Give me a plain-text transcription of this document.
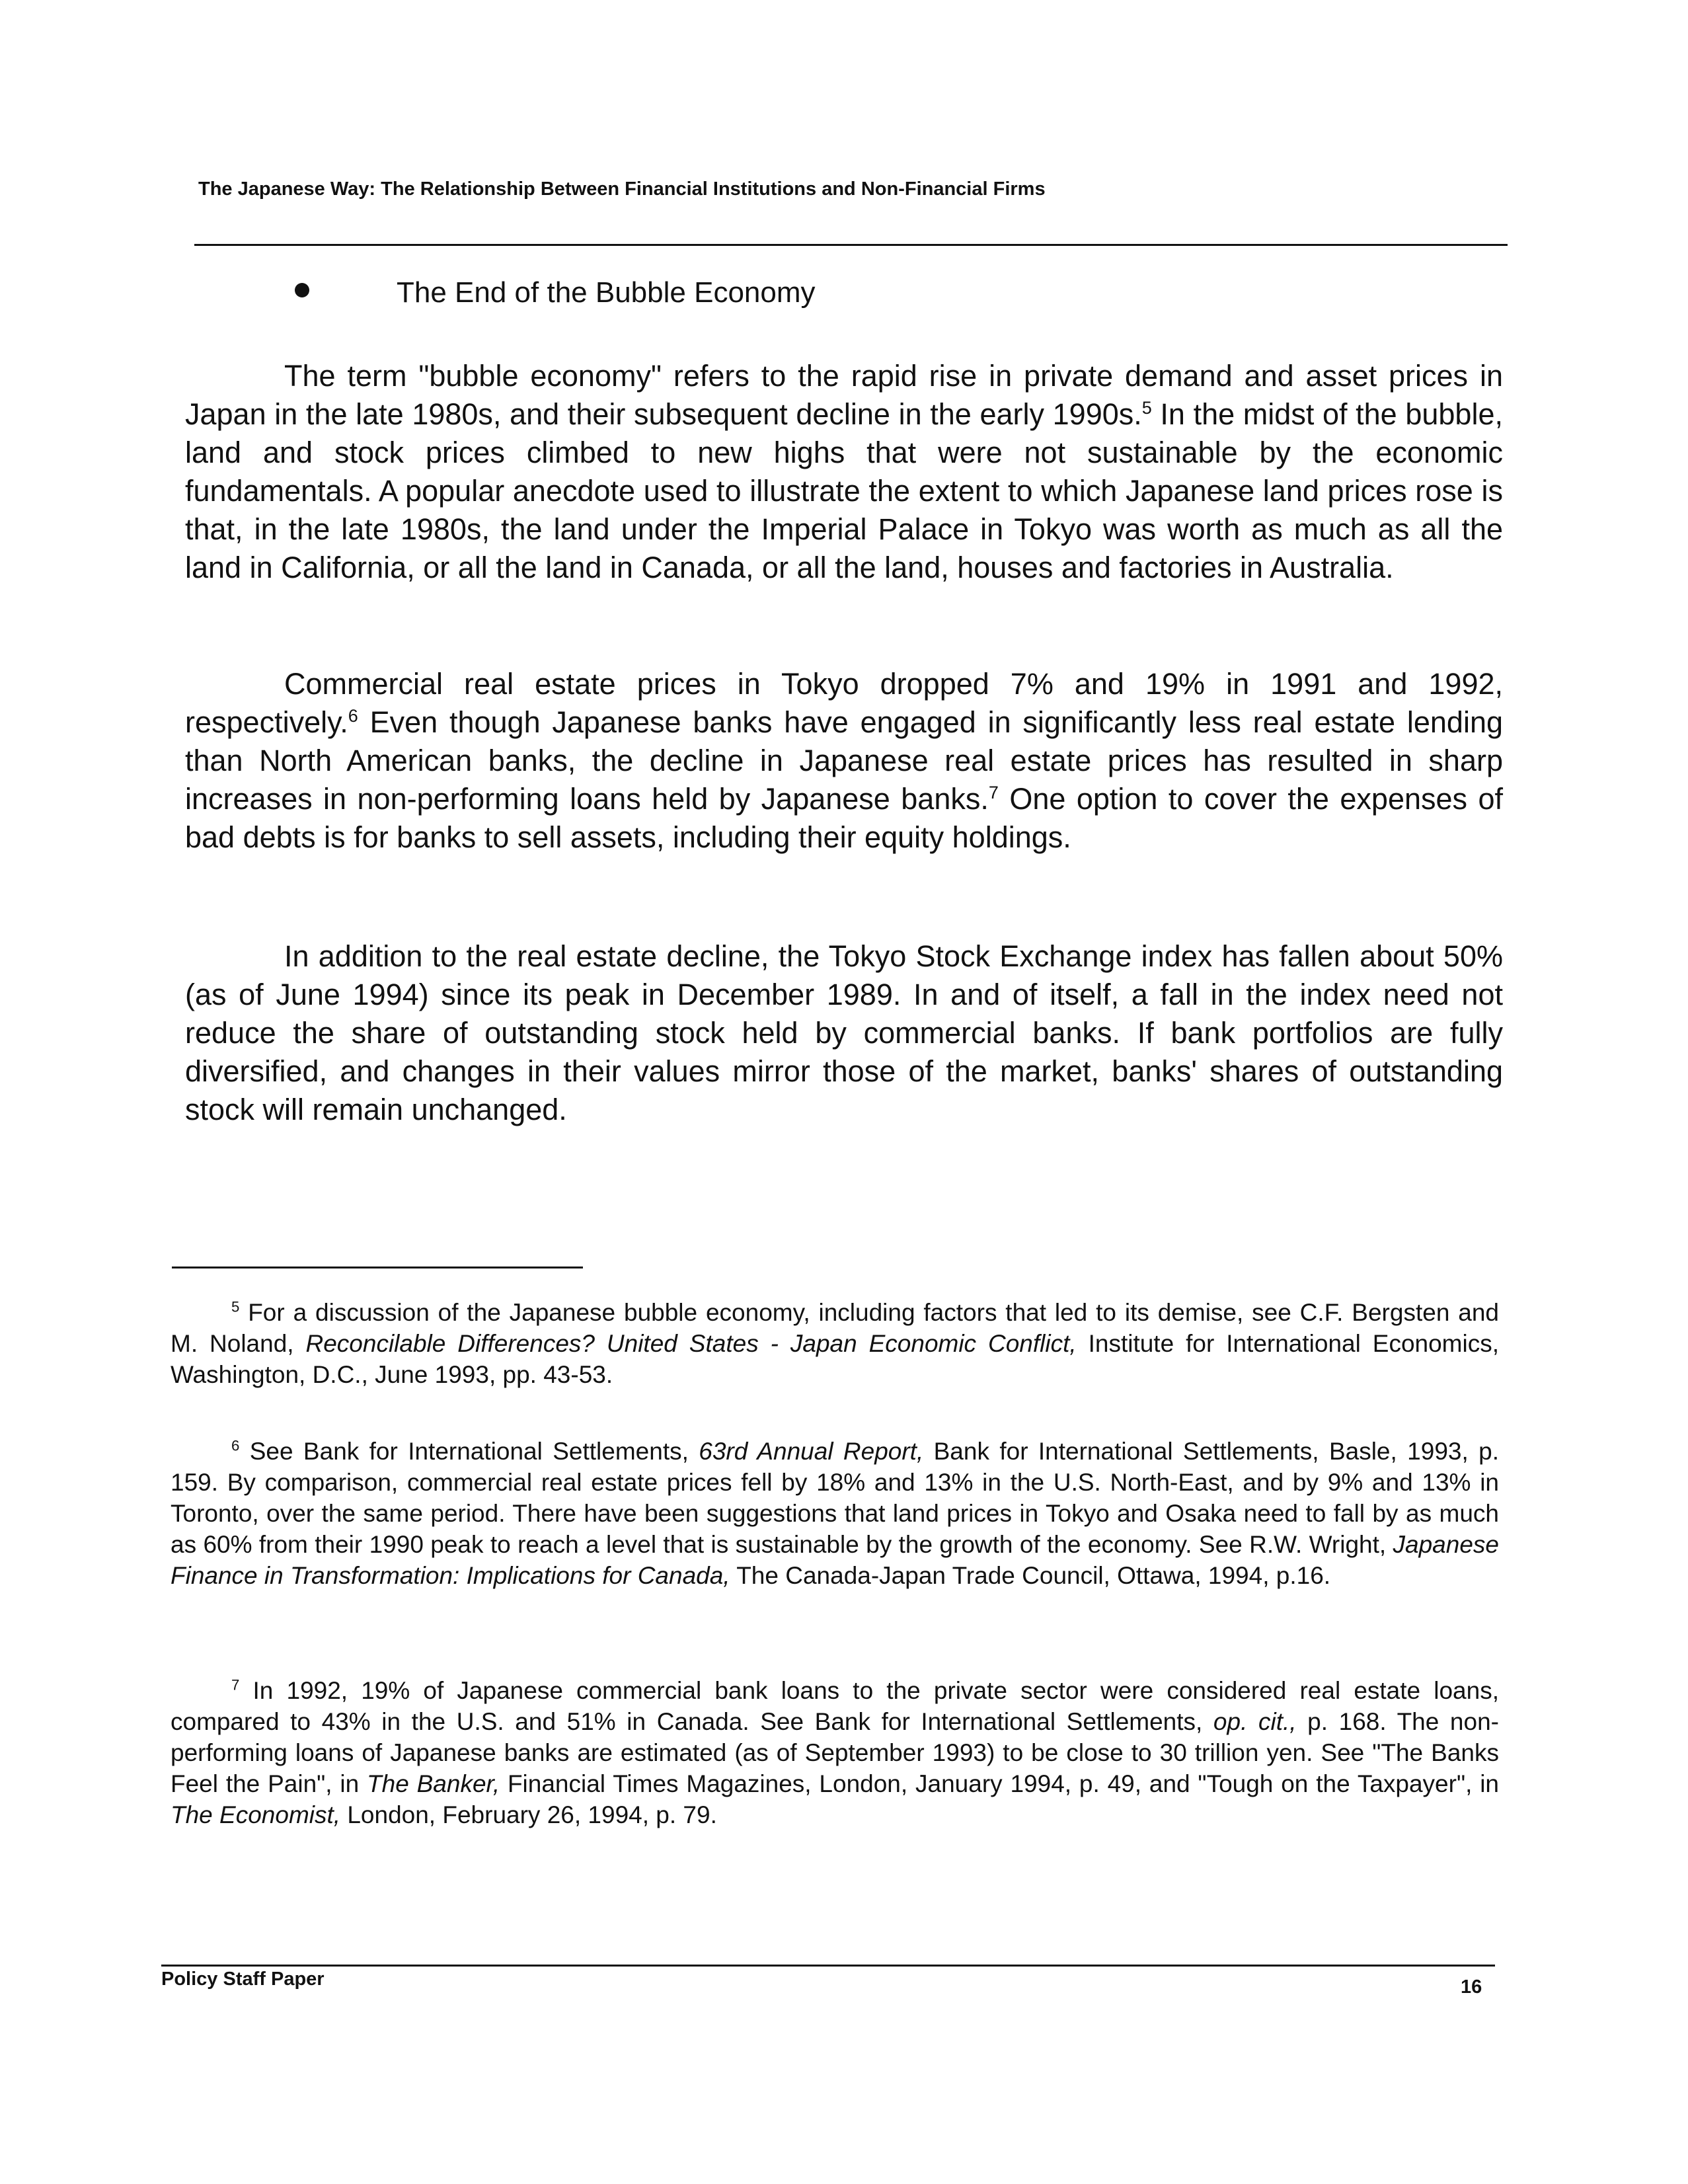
The Japanese Way: The Relationship Between Financial Institutions and Non-Financial Firms
The End of the Bubble Economy

The term "bubble economy" refers to the rapid rise in private demand and asset prices in Japan in the late 1980s, and their subsequent decline in the early 1990s.$^5$ In the midst of the bubble, land and stock prices climbed to new highs that were not sustainable by the economic fundamentals. A popular anecdote used to illustrate the extent to which Japanese land prices rose is that, in the late 1980s, the land under the Imperial Palace in Tokyo was worth as much as all the land in California, or all the land in Canada, or all the land, houses and factories in Australia.

Commercial real estate prices in Tokyo dropped 7% and 19% in 1991 and 1992, respectively.$^6$ Even though Japanese banks have engaged in significantly less real estate lending than North American banks, the decline in Japanese real estate prices has resulted in sharp increases in non-performing loans held by Japanese banks.$^7$ One option to cover the expenses of bad debts is for banks to sell assets, including their equity holdings.

In addition to the real estate decline, the Tokyo Stock Exchange index has fallen about 50% (as of June 1994) since its peak in December 1989. In and of itself, a fall in the index need not reduce the share of outstanding stock held by commercial banks. If bank portfolios are fully diversified, and changes in their values mirror those of the market, banks' shares of outstanding stock will remain unchanged.

$^5$ For a discussion of the Japanese bubble economy, including factors that led to its demise, see C.F. Bergsten and M. Noland, Reconcilable Differences? United States - Japan Economic Conflict, Institute for International Economics, Washington, D.C., June 1993, pp. 43-53.

$^6$ See Bank for International Settlements, 63rd Annual Report, Bank for International Settlements, Basle, 1993, p. 159. By comparison, commercial real estate prices fell by 18% and 13% in the U.S. North-East, and by 9% and 13% in Toronto, over the same period. There have been suggestions that land prices in Tokyo and Osaka need to fall by as much as 60% from their 1990 peak to reach a level that is sustainable by the growth of the economy. See R.W. Wright, Japanese Finance in Transformation: Implications for Canada, The Canada-Japan Trade Council, Ottawa, 1994, p.16.

$^7$ In 1992, 19% of Japanese commercial bank loans to the private sector were considered real estate loans, compared to 43% in the U.S. and 51% in Canada. See Bank for International Settlements, op. cit., p. 168. The non-performing loans of Japanese banks are estimated (as of September 1993) to be close to 30 trillion yen. See "The Banks Feel the Pain", in The Banker, Financial Times Magazines, London, January 1994, p. 49, and "Tough on the Taxpayer", in The Economist, London, February 26, 1994, p. 79.

Policy Staff Paper	16
